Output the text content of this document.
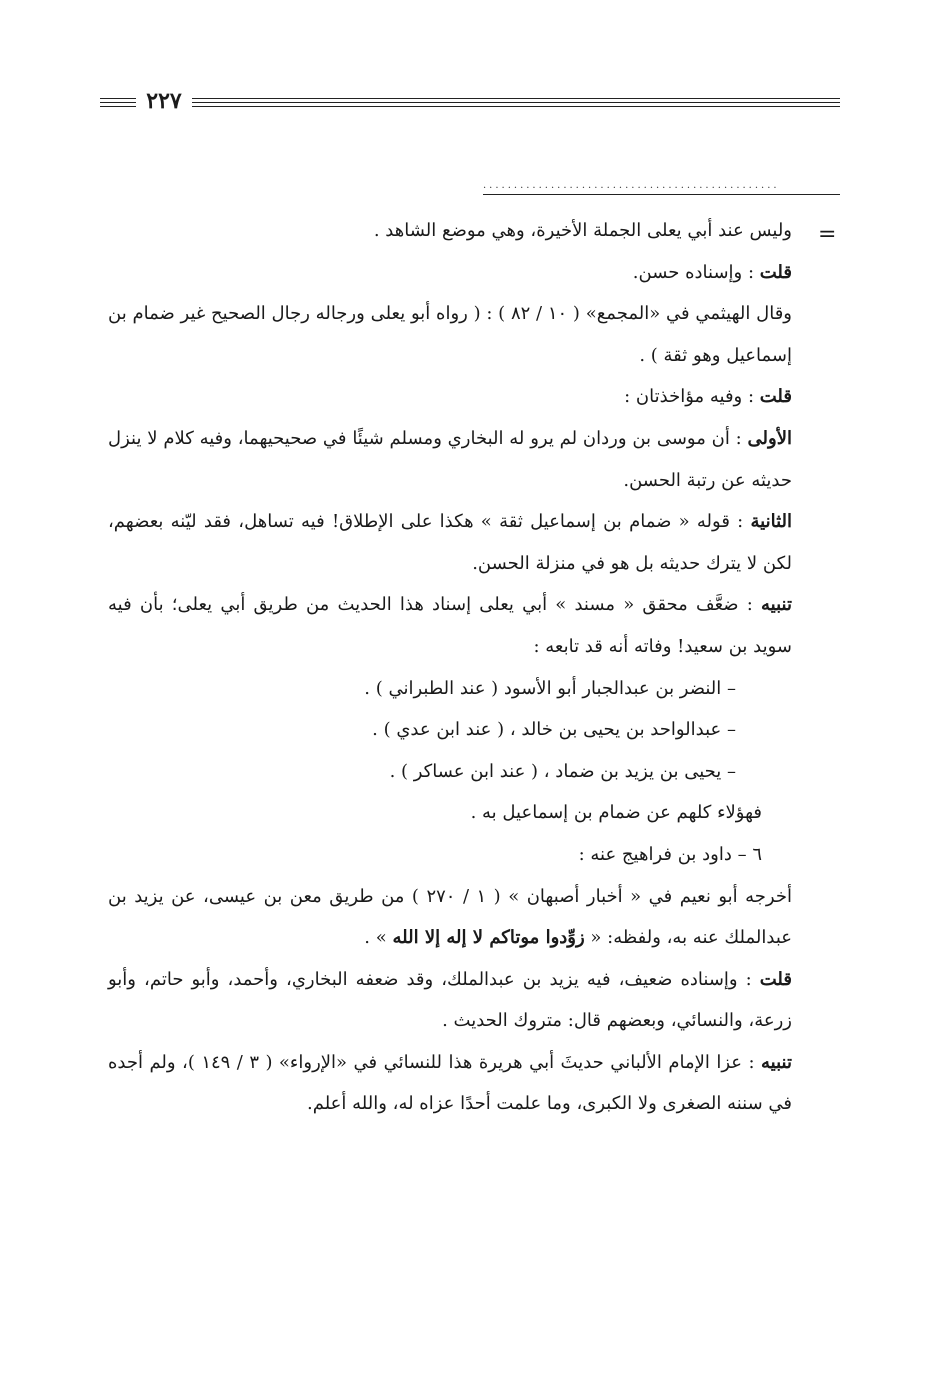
٢٢٧
................................................
=

وليس عند أبي يعلى الجملة الأخيرة، وهي موضع الشاهد .

قلت : وإسناده حسن.

وقال الهيثمي في «المجمع» ( ١٠ / ٨٢ ) : ( رواه أبو يعلى ورجاله رجال الصحيح غير ضمام بن إسماعيل وهو ثقة ) .

قلت : وفيه مؤاخذتان :

الأولى : أن موسى بن وردان لم يرو له البخاري ومسلم شيئًا في صحيحيهما، وفيه كلام لا ينزل حديثه عن رتبة الحسن.

الثانية : قوله « ضمام بن إسماعيل ثقة » هكذا على الإطلاق! فيه تساهل، فقد ليّنه بعضهم، لكن لا يترك حديثه بل هو في منزلة الحسن.

تنبيه : ضعَّف محقق « مسند » أبي يعلى إسناد هذا الحديث من طريق أبي يعلى؛ بأن فيه سويد بن سعيد! وفاته أنه قد تابعه :

– النضر بن عبدالجبار أبو الأسود ( عند الطبراني ) .

– عبدالواحد بن يحيى بن خالد ، ( عند ابن عدي ) .

– يحيى بن يزيد بن ضماد ، ( عند ابن عساكر ) .

فهؤلاء كلهم عن ضمام بن إسماعيل به .

٦ – داود بن فراهيج عنه :

أخرجه أبو نعيم في « أخبار أصبهان » ( ١ / ٢٧٠ ) من طريق معن بن عيسى، عن يزيد بن عبدالملك عنه به، ولفظه: « زوِّدوا موتاكم لا إله إلا الله » .

قلت : وإسناده ضعيف، فيه يزيد بن عبدالملك، وقد ضعفه البخاري، وأحمد، وأبو حاتم، وأبو زرعة، والنسائي، وبعضهم قال: متروك الحديث .

تنبيه : عزا الإمام الألباني حديثَ أبي هريرة هذا للنسائي في «الإرواء» ( ٣ / ١٤٩ )، ولم أجده في سننه الصغرى ولا الكبرى، وما علمت أحدًا عزاه له، والله أعلم.
